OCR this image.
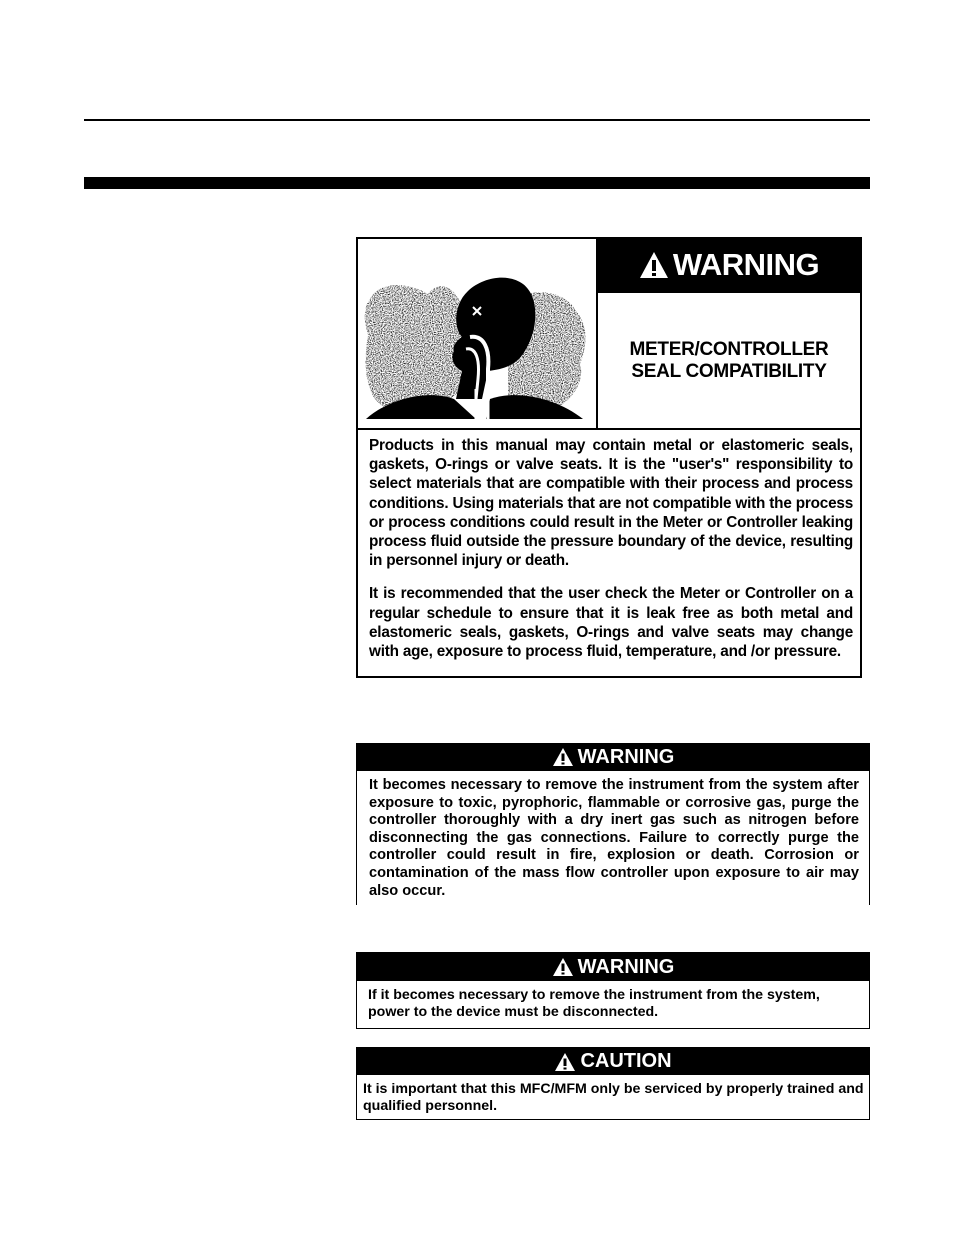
WARNING
METER/CONTROLLER
SEAL COMPATIBILITY

Products in this manual may contain metal or elastomeric seals, gaskets, O-rings or valve seats. It is the "user's" responsibility to select materials that are compatible with their process and process conditions. Using materials that are not compatible with the process or process conditions could result in the Meter or Controller leaking process fluid outside the pressure boundary of the device, resulting in personnel injury or death.

It is recommended that the user check the Meter or Controller on a regular schedule to ensure that it is leak free as both metal and elastomeric seals, gaskets, O-rings and valve seats may change with age, exposure to process fluid, temperature, and /or pressure.

WARNING

It becomes necessary to remove the instrument from the system after exposure to toxic, pyrophoric, flammable or corrosive gas, purge the controller thoroughly with a dry inert gas such as nitrogen before disconnecting the gas connections. Failure to correctly purge the controller could result in fire, explosion or death. Corrosion or contamination of the mass flow controller upon exposure to air may also occur.

WARNING

If it becomes necessary to remove the instrument from the system, power to the device must be disconnected.

CAUTION

It is important that this MFC/MFM only be serviced by properly trained and qualified personnel.
